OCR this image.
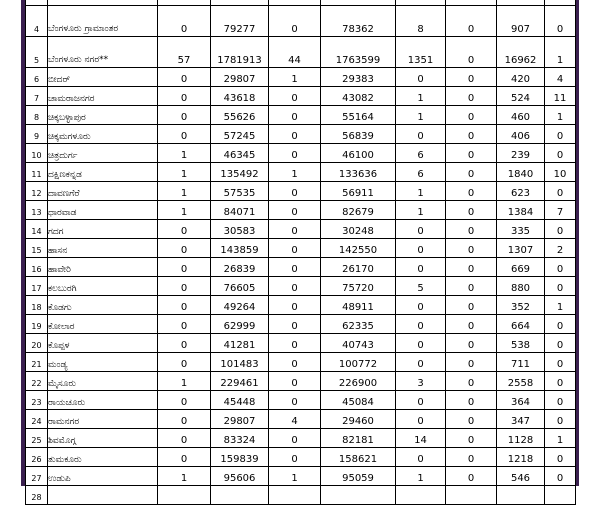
4	ಬೆಂಗಳೂರು ಗ್ರಾಮಾಂತರ	0	79277	0	78362	8	0	907	0
5	ಬೆಂಗಳೂರು ನಗರ**	57	1781913	44	1763599	1351	0	16962	1
6	ಬೀದರ್	0	29807	1	29383	0	0	420	4
7	ಚಾಮರಾಜನಗರ	0	43618	0	43082	1	0	524	11
8	ಚಿಕ್ಕಬಳ್ಳಾಪುರ	0	55626	0	55164	1	0	460	1
9	ಚಿಕ್ಕಮಗಳೂರು	0	57245	0	56839	0	0	406	0
10	ಚಿತ್ರದುರ್ಗ	1	46345	0	46100	6	0	239	0
11	ದಕ್ಷಿಣಕನ್ನಡ	1	135492	1	133636	6	0	1840	10
12	ದಾವಣಗೆರೆ	1	57535	0	56911	1	0	623	0
13	ಧಾರವಾಡ	1	84071	0	82679	1	0	1384	7
14	ಗದಗ	0	30583	0	30248	0	0	335	0
15	ಹಾಸನ	0	143859	0	142550	0	0	1307	2
16	ಹಾವೇರಿ	0	26839	0	26170	0	0	669	0
17	ಕಲಬುರಗಿ	0	76605	0	75720	5	0	880	0
18	ಕೊಡಗು	0	49264	0	48911	0	0	352	1
19	ಕೋಲಾರ	0	62999	0	62335	0	0	664	0
20	ಕೊಪ್ಪಳ	0	41281	0	40743	0	0	538	0
21	ಮಂಡ್ಯ	0	101483	0	100772	0	0	711	0
22	ಮೈಸೂರು	1	229461	0	226900	3	0	2558	0
23	ರಾಯಚೂರು	0	45448	0	45084	0	0	364	0
24	ರಾಮನಗರ	0	29807	4	29460	0	0	347	0
25	ಶಿವಮೊಗ್ಗ	0	83324	0	82181	14	0	1128	1
26	ತುಮಕೂರು	0	159839	0	158621	0	0	1218	0
27	ಉಡುಪಿ	1	95606	1	95059	1	0	546	0
28									
